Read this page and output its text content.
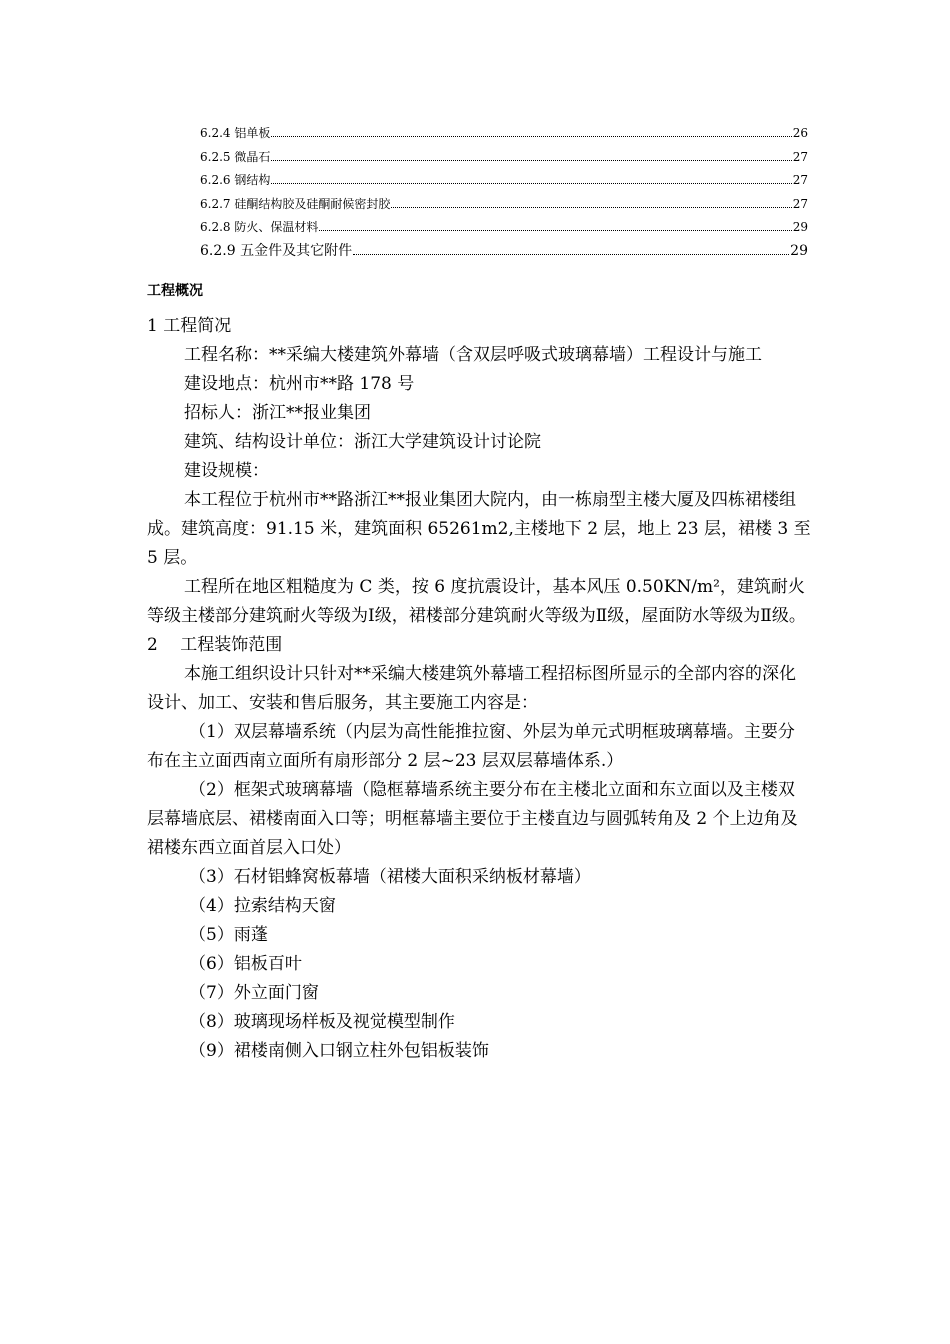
6.2.4 铝单板	26
6.2.5 微晶石	27
6.2.6 钢结构	27
6.2.7 硅酮结构胶及硅酮耐候密封胶	27
6.2.8 防火、保温材料	29
6.2.9 五金件及其它附件	29
工程概况

1 工程简况

工程名称：**采编大楼建筑外幕墙（含双层呼吸式玻璃幕墙）工程设计与施工

建设地点：杭州市**路 178 号

招标人：浙江**报业集团

建筑、结构设计单位：浙江大学建筑设计讨论院

建设规模：

本工程位于杭州市**路浙江**报业集团大院内，由一栋扇型主楼大厦及四栋裙楼组成。建筑高度：91.15 米，建筑面积 65261m2,主楼地下 2 层，地上 23 层，裙楼 3 至 5 层。

工程所在地区粗糙度为 C 类，按 6 度抗震设计，基本风压 0.50KN/m²，建筑耐火等级主楼部分建筑耐火等级为Ⅰ级，裙楼部分建筑耐火等级为Ⅱ级，屋面防水等级为Ⅱ级。

2　 工程装饰范围

本施工组织设计只针对**采编大楼建筑外幕墙工程招标图所显示的全部内容的深化设计、加工、安装和售后服务，其主要施工内容是：

（1）双层幕墙系统（内层为高性能推拉窗、外层为单元式明框玻璃幕墙。主要分布在主立面西南立面所有扇形部分 2 层~23 层双层幕墙体系.）

（2）框架式玻璃幕墙（隐框幕墙系统主要分布在主楼北立面和东立面以及主楼双层幕墙底层、裙楼南面入口等；明框幕墙主要位于主楼直边与圆弧转角及 2 个上边角及裙楼东西立面首层入口处）

（3）石材铝蜂窝板幕墙（裙楼大面积采纳板材幕墙）

（4）拉索结构天窗

（5）雨蓬

（6）铝板百叶

（7）外立面门窗

（8）玻璃现场样板及视觉模型制作

（9）裙楼南侧入口钢立柱外包铝板装饰
